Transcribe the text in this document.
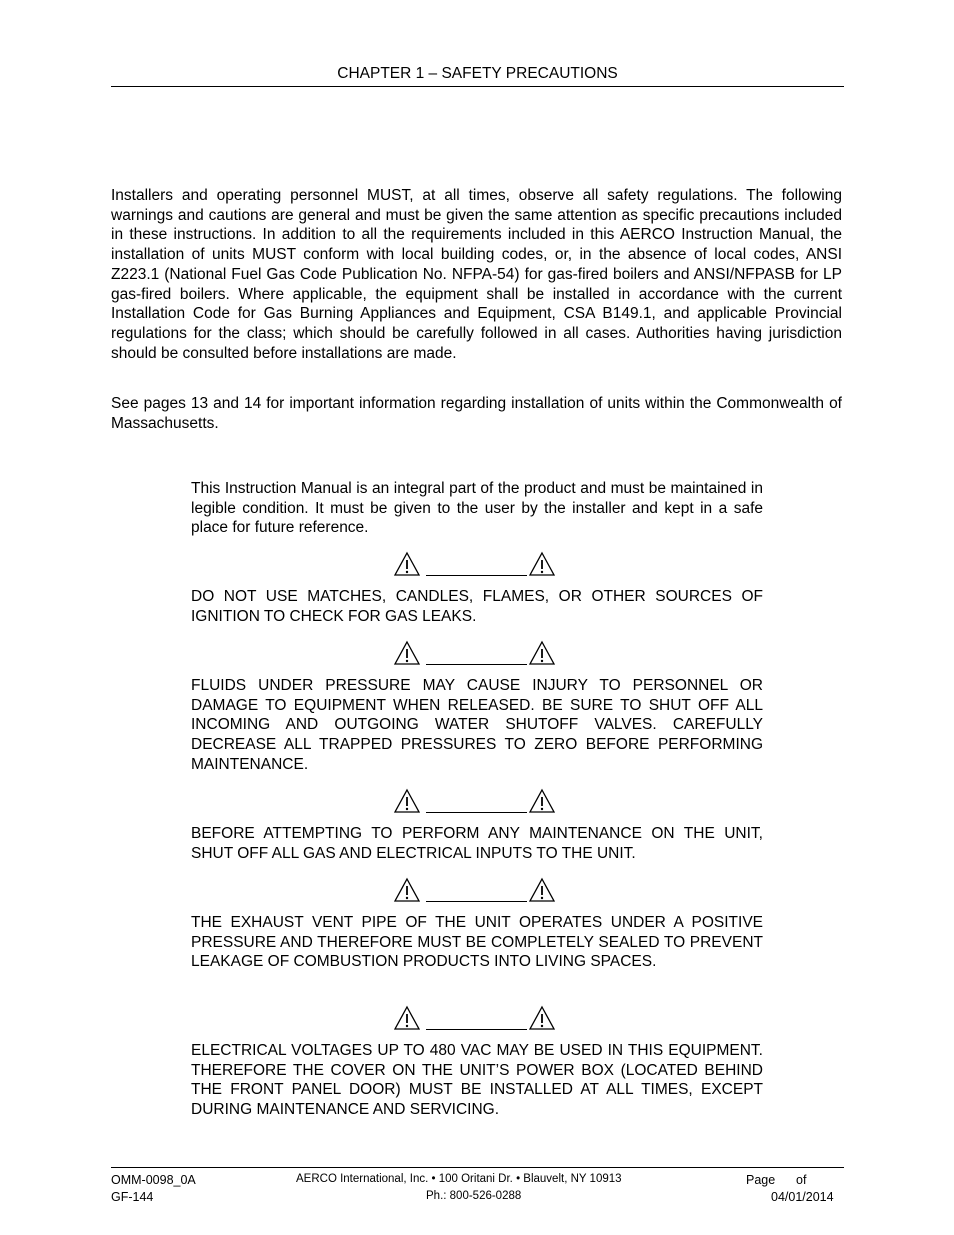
CHAPTER 1 – SAFETY PRECAUTIONS

Installers and operating personnel MUST, at all times, observe all safety regulations. The following warnings and cautions are general and must be given the same attention as specific precautions included in these instructions. In addition to all the requirements included in this AERCO Instruction Manual, the installation of units MUST conform with local building codes, or, in the absence of local codes, ANSI Z223.1 (National Fuel Gas Code Publication No. NFPA-54) for gas-fired boilers and ANSI/NFPASB for LP gas-fired boilers. Where applicable, the equipment shall be installed in accordance with the current Installation Code for Gas Burning Appliances and Equipment, CSA B149.1, and applicable Provincial regulations for the class; which should be carefully followed in all cases. Authorities having jurisdiction should be consulted before installations are made.

See pages 13 and 14 for important information regarding installation of units within the Commonwealth of Massachusetts.

This Instruction Manual is an integral part of the product and must be maintained in legible condition. It must be given to the user by the installer and kept in a safe place for future reference.

DO NOT USE MATCHES, CANDLES, FLAMES, OR OTHER SOURCES OF IGNITION TO CHECK FOR GAS LEAKS.

FLUIDS UNDER PRESSURE MAY CAUSE INJURY TO PERSONNEL OR DAMAGE TO EQUIPMENT WHEN RELEASED. BE SURE TO SHUT OFF ALL INCOMING AND OUTGOING WATER SHUTOFF VALVES. CAREFULLY DECREASE ALL TRAPPED PRESSURES TO ZERO BEFORE PERFORMING MAINTENANCE.

BEFORE ATTEMPTING TO PERFORM ANY MAINTENANCE ON THE UNIT, SHUT OFF ALL GAS AND ELECTRICAL INPUTS TO THE UNIT.

THE EXHAUST VENT PIPE OF THE UNIT OPERATES UNDER A POSITIVE PRESSURE AND THEREFORE MUST BE COMPLETELY SEALED TO PREVENT LEAKAGE OF COMBUSTION PRODUCTS INTO LIVING SPACES.

ELECTRICAL VOLTAGES UP TO 480 VAC MAY BE USED IN THIS EQUIPMENT. THEREFORE THE COVER ON THE UNIT’S POWER BOX (LOCATED BEHIND THE FRONT PANEL DOOR) MUST BE INSTALLED AT ALL TIMES, EXCEPT DURING MAINTENANCE AND SERVICING.

OMM-0098_0A
GF-144
AERCO International, Inc. • 100 Oritani Dr. • Blauvelt, NY 10913
Ph.: 800-526-0288
Page      of
04/01/2014
